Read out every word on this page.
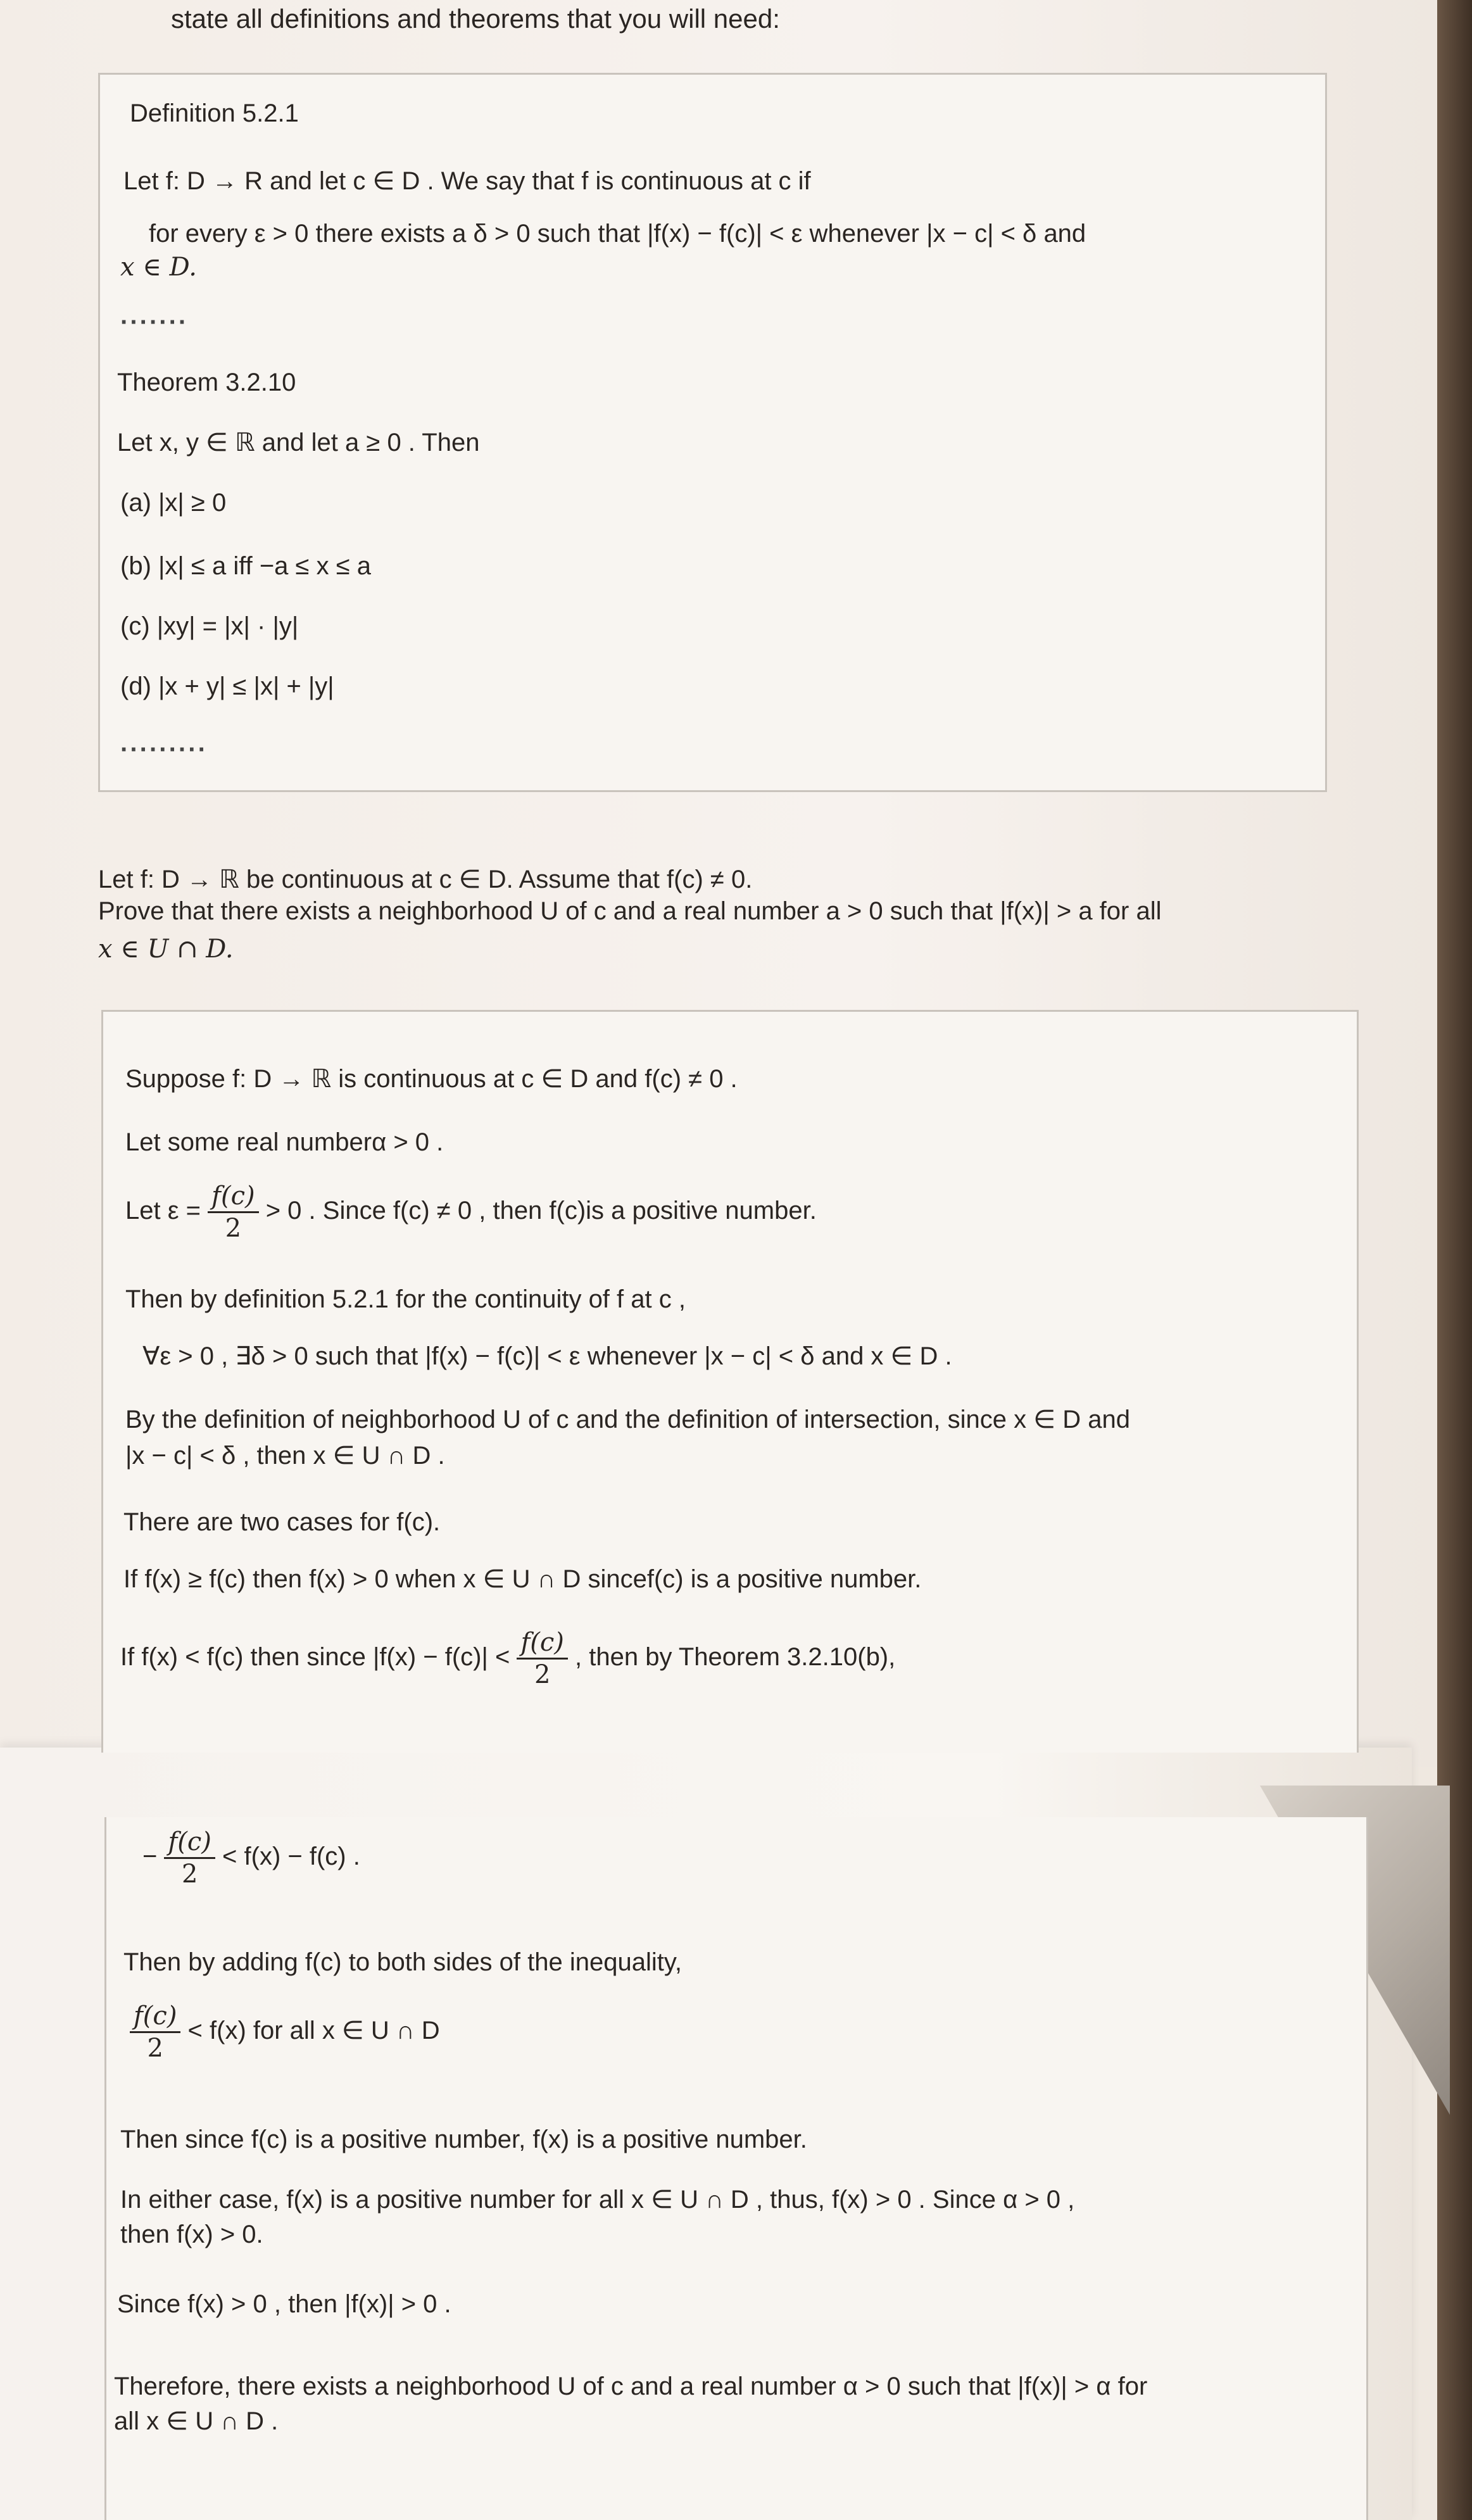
state all definitions and theorems that you will need:
Definition 5.2.1
Let f: D → R and let c ∈ D . We say that f is continuous at c if
for every ε > 0 there exists a δ > 0 such that |f(x) − f(c)| < ε whenever |x − c| < δ and
x ∈ D.
·······
Theorem 3.2.10
Let x, y ∈ ℝ and let a ≥ 0 . Then
(a) |x| ≥ 0
(b) |x| ≤ a iff −a ≤ x ≤ a
(c) |xy| = |x| · |y|
(d) |x + y| ≤ |x| + |y|
·········
Let f: D → ℝ be continuous at c ∈ D. Assume that f(c) ≠ 0.
Prove that there exists a neighborhood U of c and a real number a > 0 such that |f(x)| > a for all
x ∈ U ∩ D.
Suppose f: D → ℝ is continuous at c ∈ D and f(c) ≠ 0 .
Let some real numberα > 0 .
Let $\varepsilon = \frac{f(c)}{2} > 0$ . Since f(c) ≠ 0 , then f(c)is a positive number.
Then by definition 5.2.1 for the continuity of f at c ,
∀ε > 0 , ∃δ > 0 such that |f(x) − f(c)| < ε whenever |x − c| < δ and x ∈ D .
By the definition of neighborhood U of c and the definition of intersection, since x ∈ D and
|x − c| < δ , then x ∈ U ∩ D .
There are two cases for f(c).
If f(x) ≥ f(c) then f(x) > 0 when x ∈ U ∩ D sincef(c) is a positive number.
If f(x) < f(c) then since $|f(x) - f(c)| < \frac{f(c)}{2}$ , then by Theorem 3.2.10(b),
− $\frac{f(c)}{2} < f(x) - f(c)$ .
Then by adding f(c) to both sides of the inequality,
$\frac{f(c)}{2} < f(x)$ for all x ∈ U ∩ D
Then since f(c) is a positive number, f(x) is a positive number.
In either case, f(x) is a positive number for all x ∈ U ∩ D , thus, f(x) > 0 . Since α > 0 ,
then f(x) > 0.
Since f(x) > 0 , then |f(x)| > 0 .
Therefore, there exists a neighborhood U of c and a real number α > 0 such that |f(x)| > α for
all x ∈ U ∩ D .
